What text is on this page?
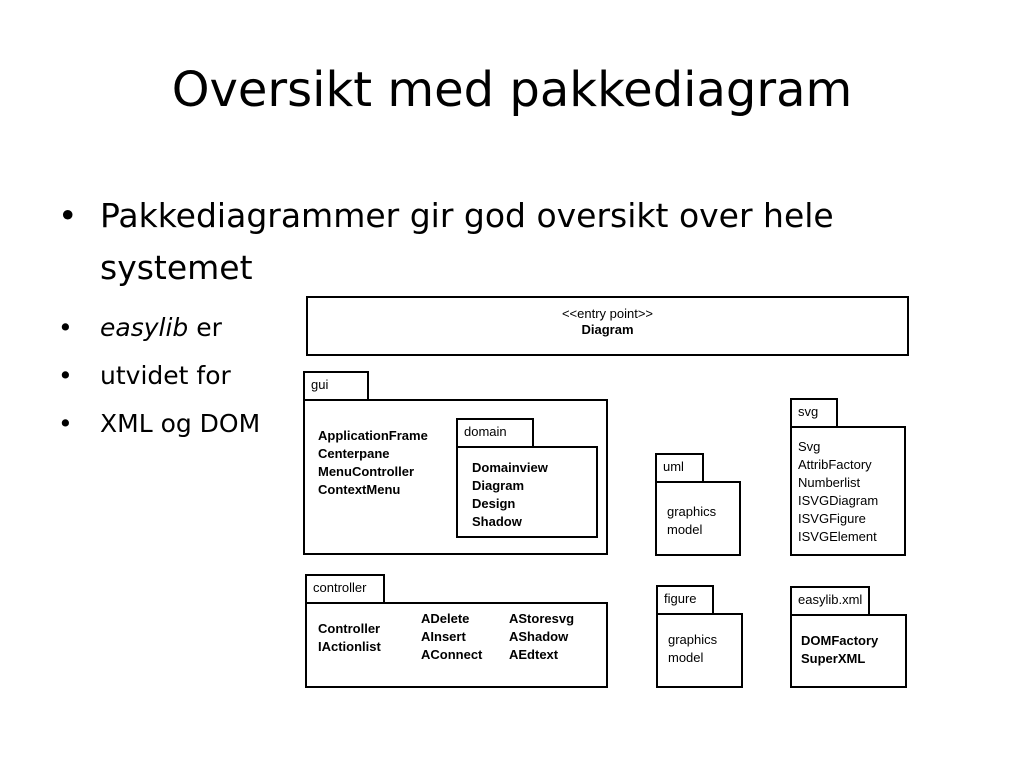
Oversikt med pakkediagram
• Pakkediagrammer gir god oversikt over hele systemet
• easylib er
• utvidet for
• XML og DOM
<<entry point>>
Diagram
gui
ApplicationFrame
Centerpane
MenuController
ContextMenu
domain
Domainview
Diagram
Design
Shadow
uml
graphics
model
svg
Svg
AttribFactory
Numberlist
ISVGDiagram
ISVGFigure
ISVGElement
controller
Controller
IActionlist
ADelete
AInsert
AConnect
AStoresvg
AShadow
AEdtext
figure
graphics
model
easylib.xml
DOMFactory
SuperXML
